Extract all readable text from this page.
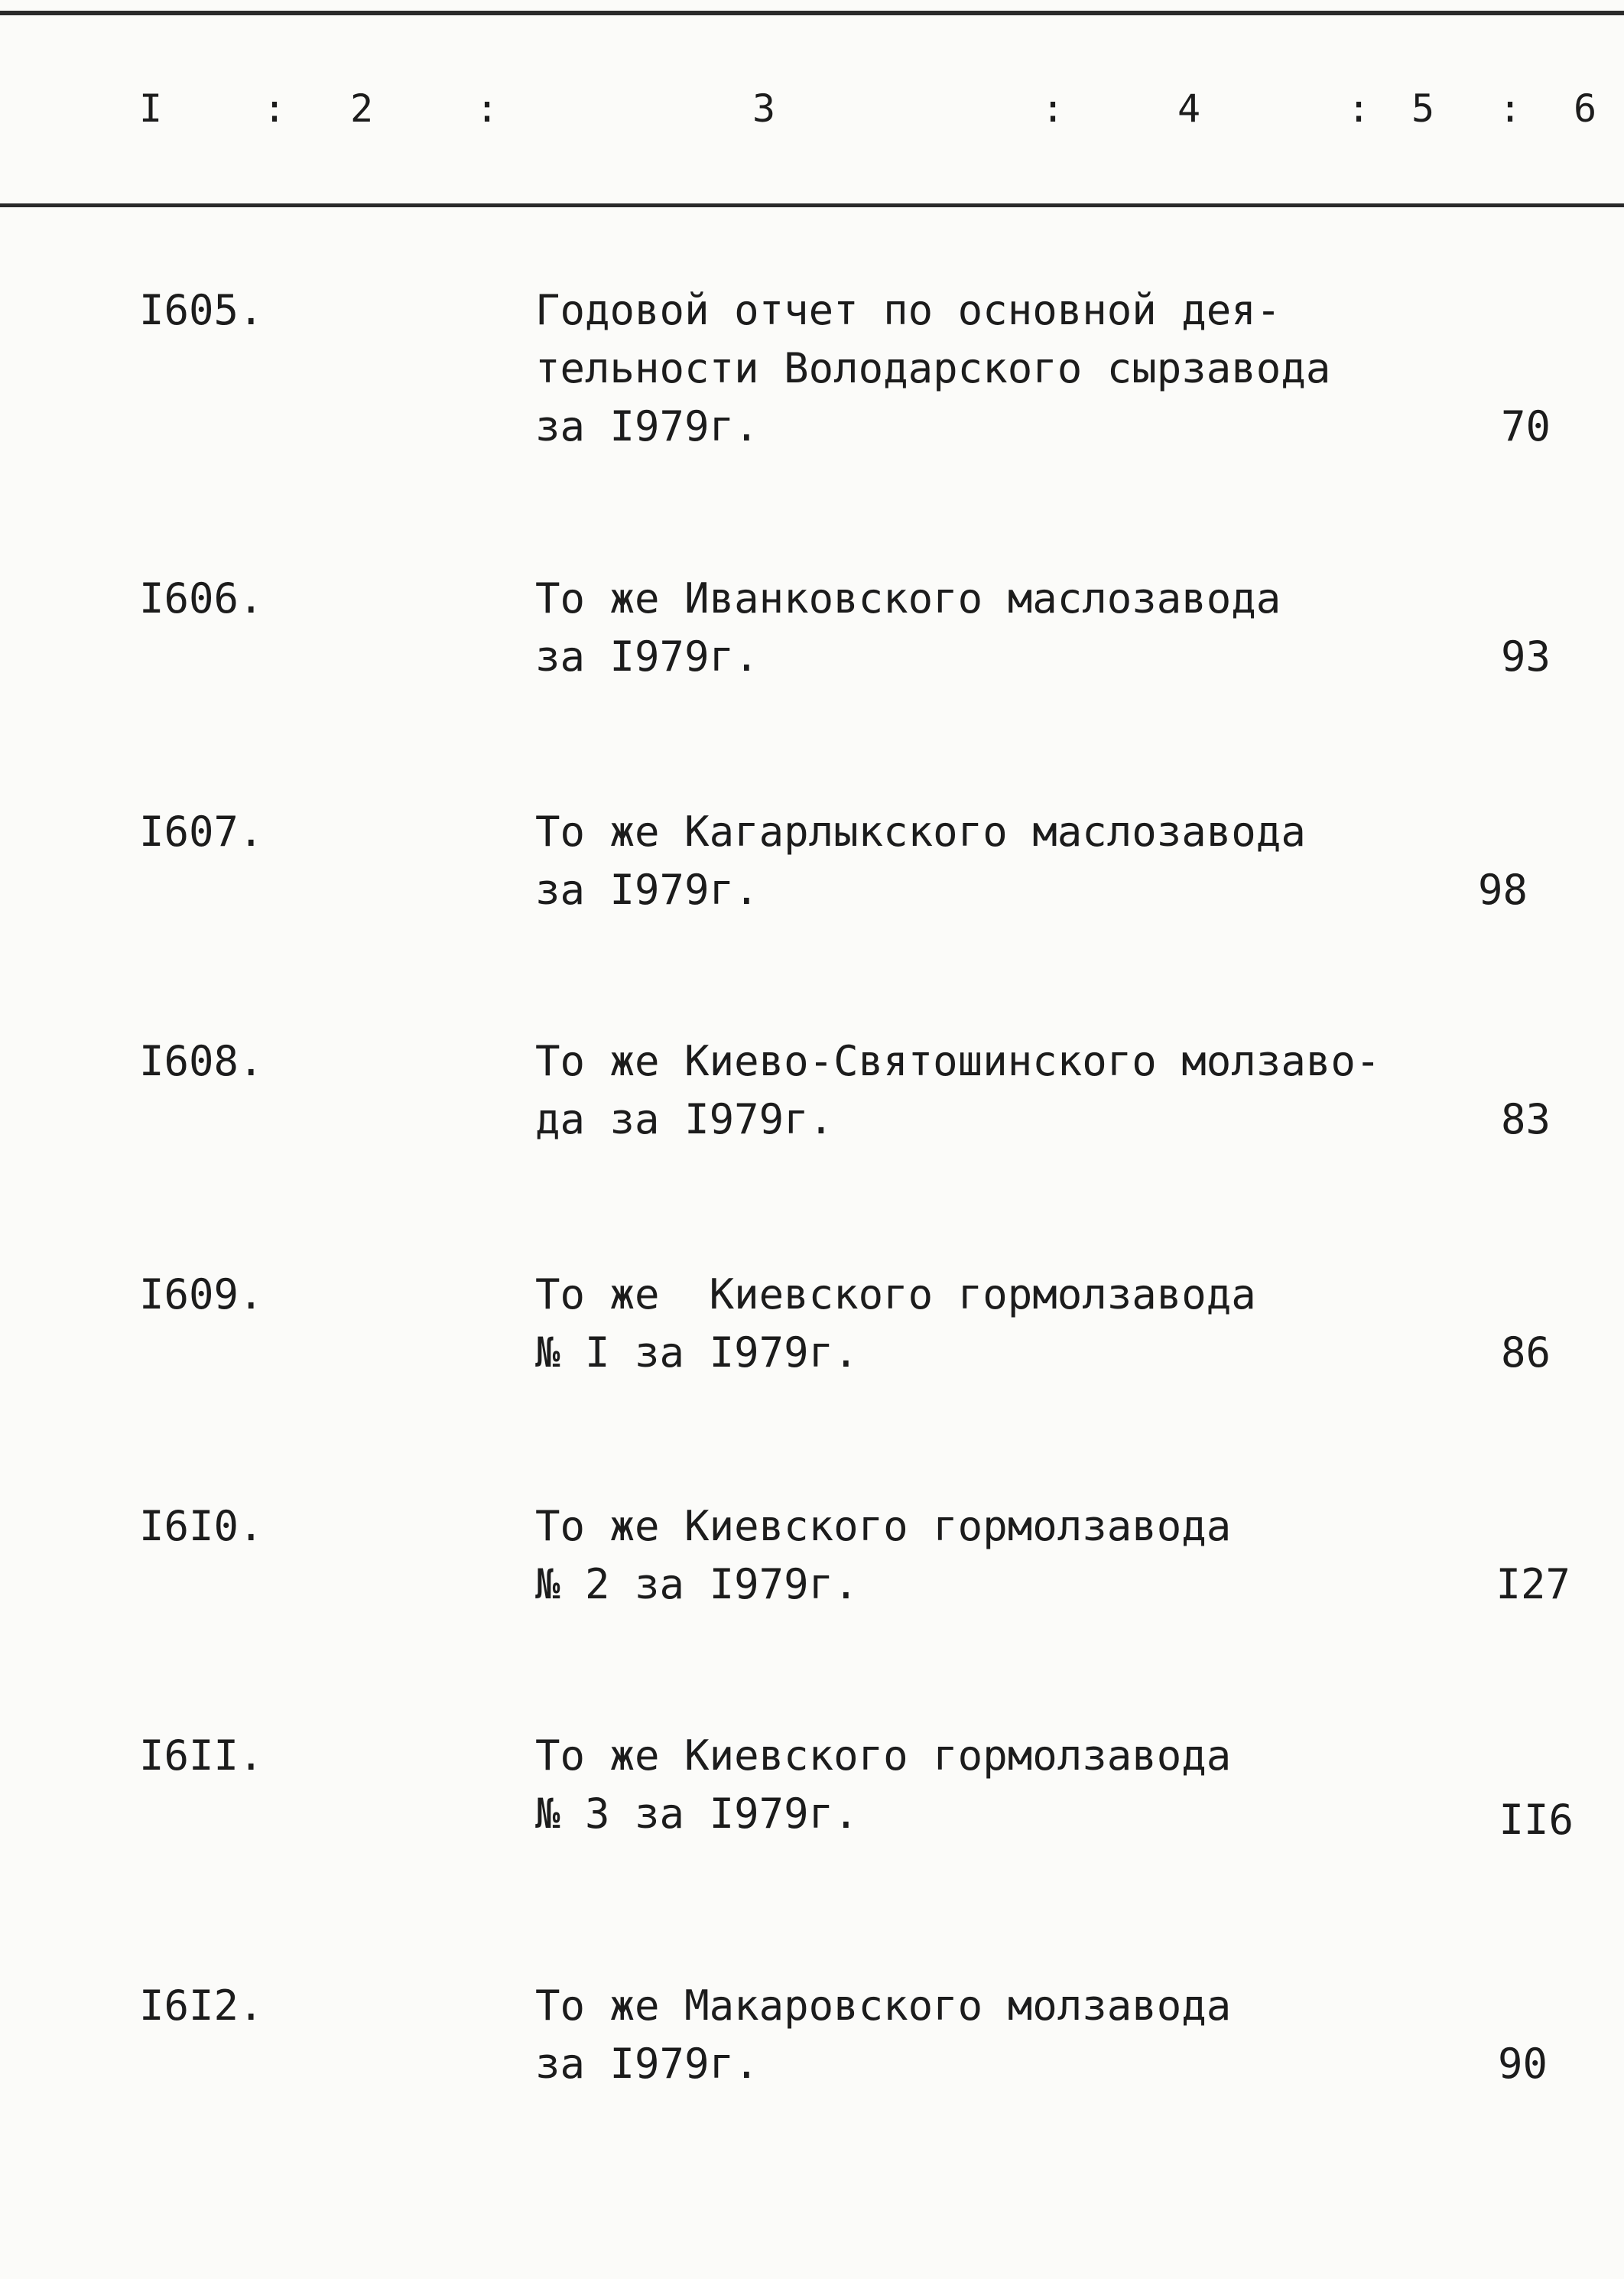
I	: 2	:	3	:	4	: 5 : 6
I605.	Годовой отчет по основной дея-
тельности Володарского сырзавода
за I979г.	70
I606.	То же Иванковского маслозавода
за I979г.	93
I607.	То же Кагарлыкского маслозавода
за I979г.	98
I608.	То же Киево-Святошинского молзаво-
да за I979г.	83
I609.	То же  Киевского гормолзавода
№ I за I979г.	86
I6I0.	То же Киевского гормолзавода
№ 2 за I979г.	I27
I6II.	То же Киевского гормолзавода
№ 3 за I979г.	II6
I6I2.	То же Макаровского молзавода
за I979г.	90
